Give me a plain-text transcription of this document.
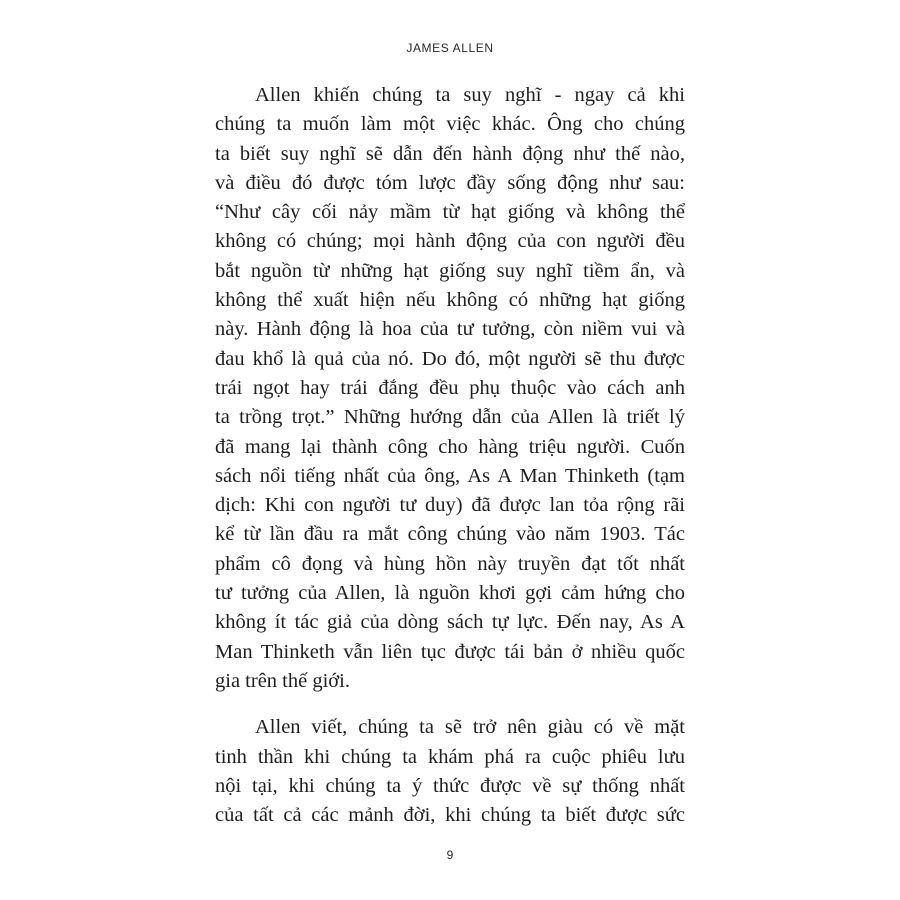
JAMES ALLEN
Allen khiến chúng ta suy nghĩ - ngay cả khi
chúng ta muốn làm một việc khác. Ông cho chúng
ta biết suy nghĩ sẽ dẫn đến hành động như thế nào,
và điều đó được tóm lược đầy sống động như sau:
“Như cây cối nảy mầm từ hạt giống và không thể
không có chúng; mọi hành động của con người đều
bắt nguồn từ những hạt giống suy nghĩ tiềm ẩn, và
không thể xuất hiện nếu không có những hạt giống
này. Hành động là hoa của tư tưởng, còn niềm vui và
đau khổ là quả của nó. Do đó, một người sẽ thu được
trái ngọt hay trái đắng đều phụ thuộc vào cách anh
ta trồng trọt.” Những hướng dẫn của Allen là triết lý
đã mang lại thành công cho hàng triệu người. Cuốn
sách nổi tiếng nhất của ông, As A Man Thinketh (tạm
dịch: Khi con người tư duy) đã được lan tỏa rộng rãi
kể từ lần đầu ra mắt công chúng vào năm 1903. Tác
phẩm cô đọng và hùng hồn này truyền đạt tốt nhất
tư tưởng của Allen, là nguồn khơi gợi cảm hứng cho
không ít tác giả của dòng sách tự lực. Đến nay, As A
Man Thinketh vẫn liên tục được tái bản ở nhiều quốc
gia trên thế giới.
Allen viết, chúng ta sẽ trở nên giàu có về mặt
tinh thần khi chúng ta khám phá ra cuộc phiêu lưu
nội tại, khi chúng ta ý thức được về sự thống nhất
của tất cả các mảnh đời, khi chúng ta biết được sức
9
